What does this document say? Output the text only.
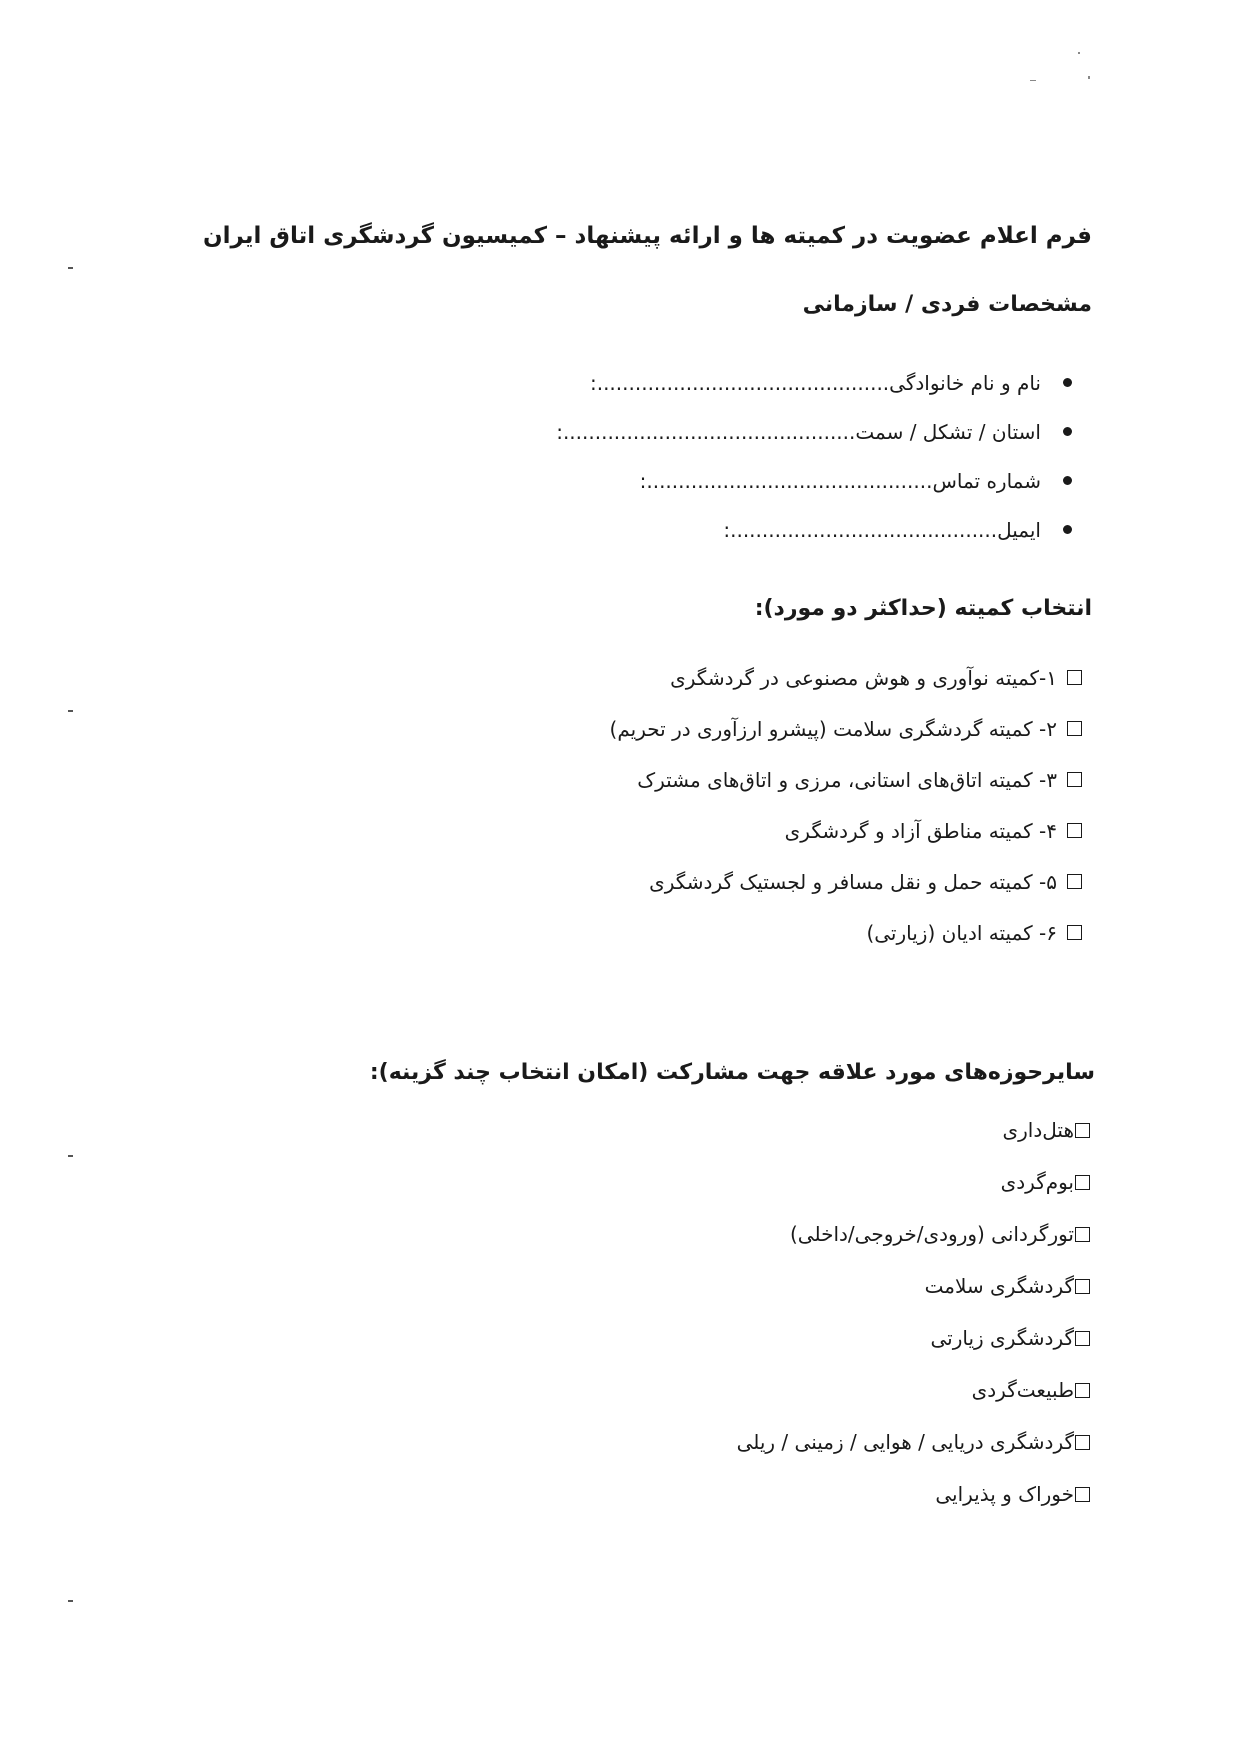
فرم اعلام عضویت در کمیته ها و ارائه پیشنهاد – کمیسیون گردشگری اتاق ایران
مشخصات فردی / سازمانی
نام و نام خانوادگی
..............................................
:
استان / تشکل / سمت
..............................................
:
شماره تماس
.............................................
:
ایمیل
..........................................
:
انتخاب کمیته (حداکثر دو مورد):
۱-کمیته نوآوری و هوش مصنوعی در گردشگری
۲- کمیته گردشگری سلامت (پیشرو ارزآوری در تحریم)
۳- کمیته اتاق‌های استانی، مرزی و اتاق‌های مشترک
۴- کمیته مناطق آزاد و گردشگری
۵- کمیته حمل و نقل مسافر و لجستیک گردشگری
۶- کمیته ادیان (زیارتی)
سایرحوزه‌های مورد علاقه جهت مشارکت (امکان انتخاب چند گزینه):
هتل‌داری
بوم‌گردی
تورگردانی (ورودی/خروجی/داخلی)
گردشگری سلامت
گردشگری زیارتی
طبیعت‌گردی
گردشگری دریایی / هوایی / زمینی / ریلی
خوراک و پذیرایی
